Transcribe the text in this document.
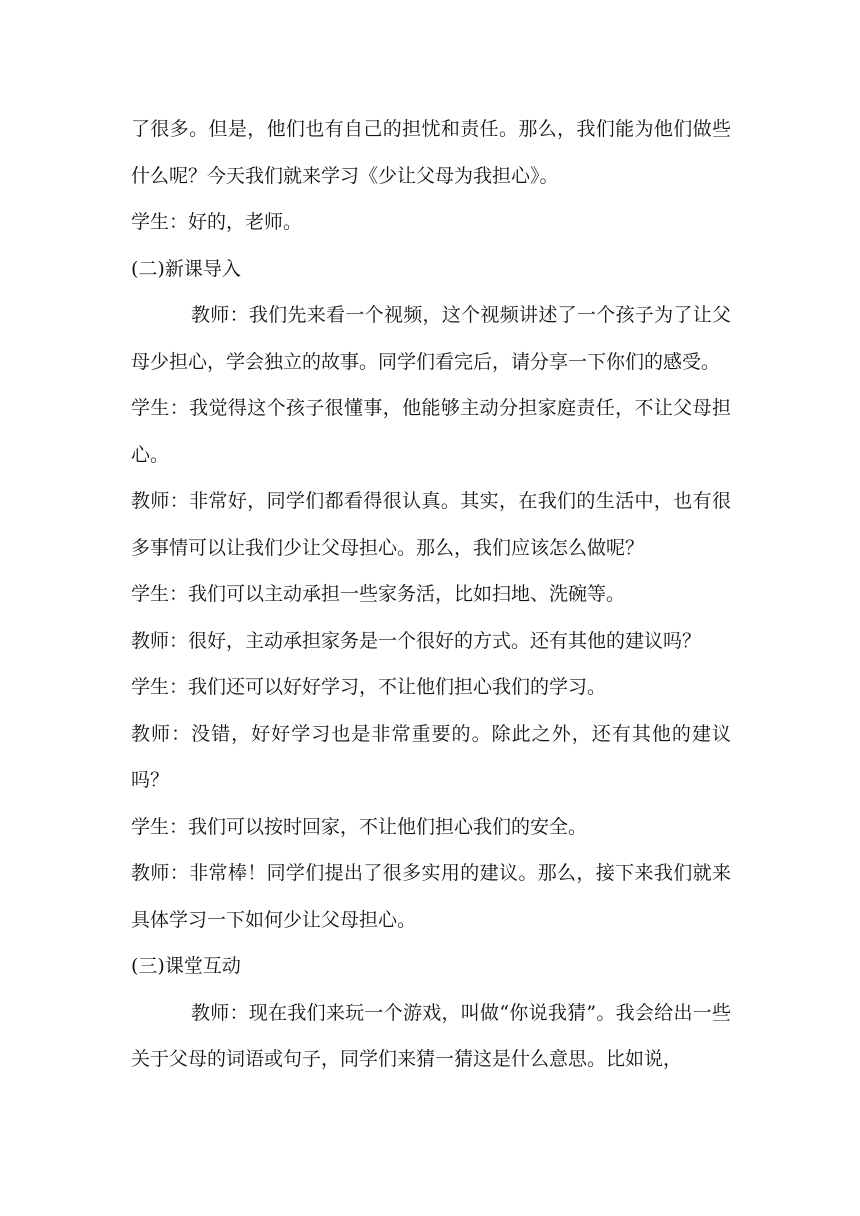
了很多。但是，他们也有自己的担忧和责任。那么，我们能为他们做些什么呢？今天我们就来学习《少让父母为我担心》。

学生：好的，老师。

(二)新课导入

教师：我们先来看一个视频，这个视频讲述了一个孩子为了让父母少担心，学会独立的故事。同学们看完后，请分享一下你们的感受。

学生：我觉得这个孩子很懂事，他能够主动分担家庭责任，不让父母担心。

教师：非常好，同学们都看得很认真。其实，在我们的生活中，也有很多事情可以让我们少让父母担心。那么，我们应该怎么做呢？

学生：我们可以主动承担一些家务活，比如扫地、洗碗等。

教师：很好，主动承担家务是一个很好的方式。还有其他的建议吗？

学生：我们还可以好好学习，不让他们担心我们的学习。

教师：没错，好好学习也是非常重要的。除此之外，还有其他的建议吗？

学生：我们可以按时回家，不让他们担心我们的安全。

教师：非常棒！同学们提出了很多实用的建议。那么，接下来我们就来具体学习一下如何少让父母担心。

(三)课堂互动

教师：现在我们来玩一个游戏，叫做“你说我猜”。我会给出一些关于父母的词语或句子，同学们来猜一猜这是什么意思。比如说，
